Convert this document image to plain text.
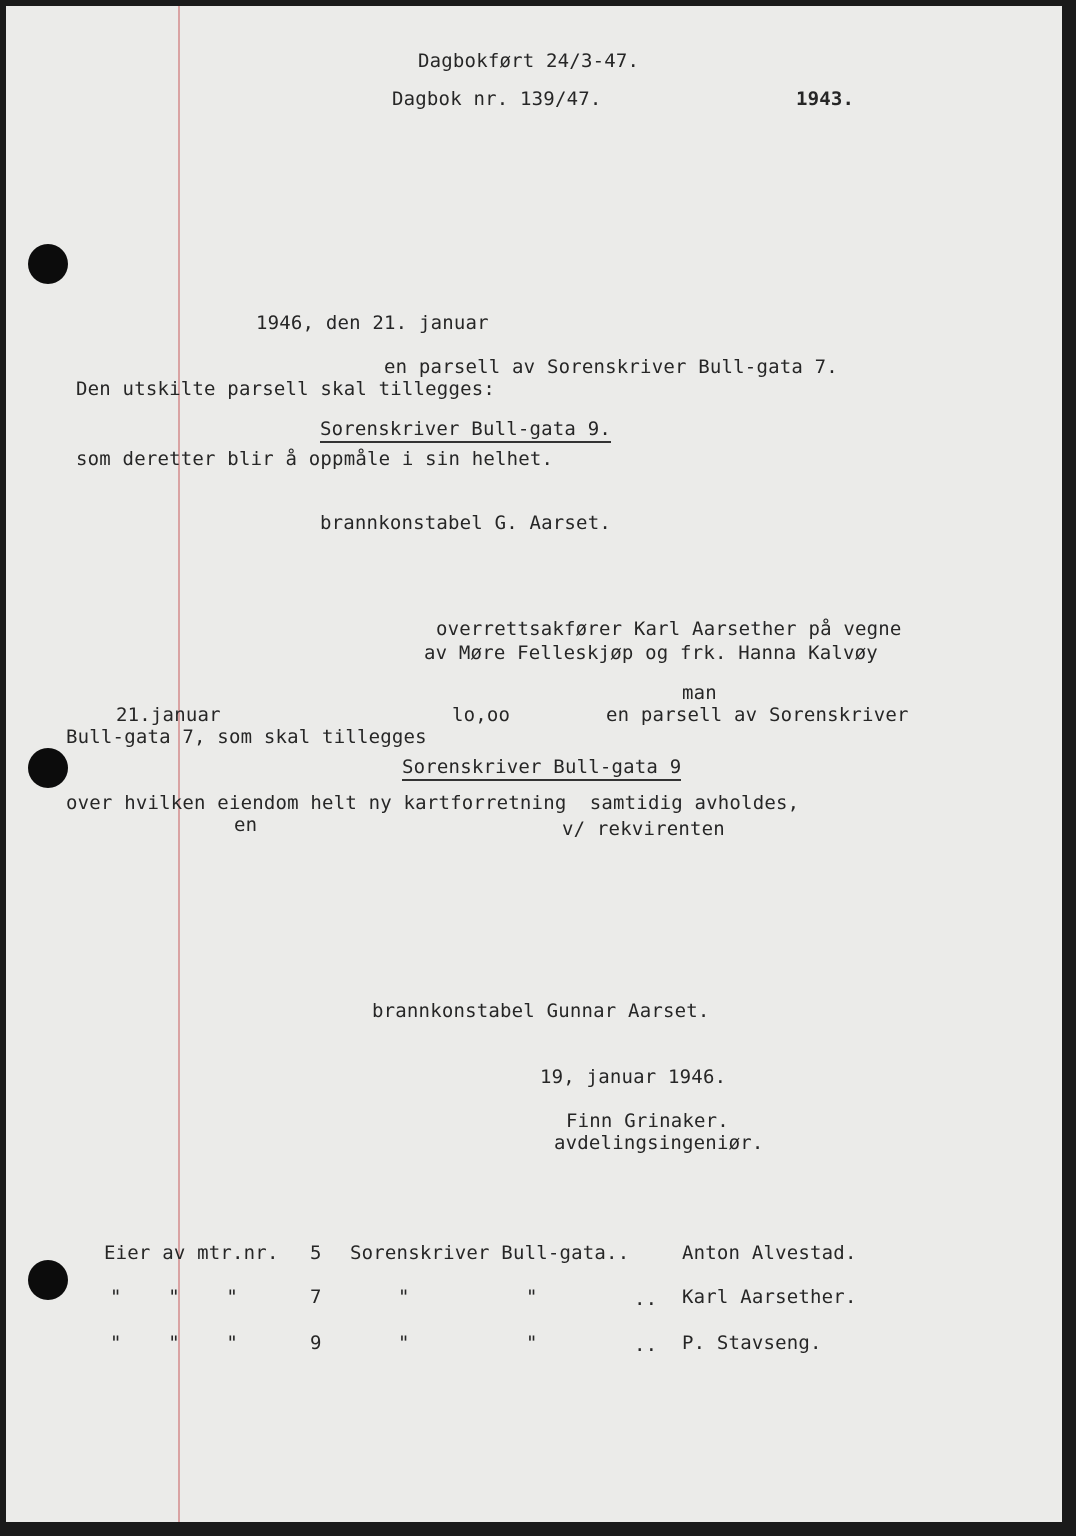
Dagbokført 24/3-47.
Dagbok nr. 139/47.	1943.
1946, den 21. januar
en parsell av Sorenskriver Bull-gata 7.
Den utskilte parsell skal tillegges:
Sorenskriver Bull-gata 9.
som deretter blir å oppmåle i sin helhet.
brannkonstabel G. Aarset.
overrettsakfører Karl Aarsether på vegne
av Møre Felleskjøp og frk. Hanna Kalvøy
man
21.januar	lo,oo	en parsell av Sorenskriver
Bull-gata 7, som skal tillegges
Sorenskriver Bull-gata 9
over hvilken eiendom helt ny kartforretning  samtidig avholdes,
en	v/ rekvirenten
brannkonstabel Gunnar Aarset.
19, januar 1946.
Finn Grinaker.
avdelingsingeniør.
Eier av mtr.nr. 5 Sorenskriver Bull-gata..	Anton Alvestad.
"    "    "	7	"          "	.. Karl Aarsether.
"    "    "	9	"          "	.. P. Stavseng.
